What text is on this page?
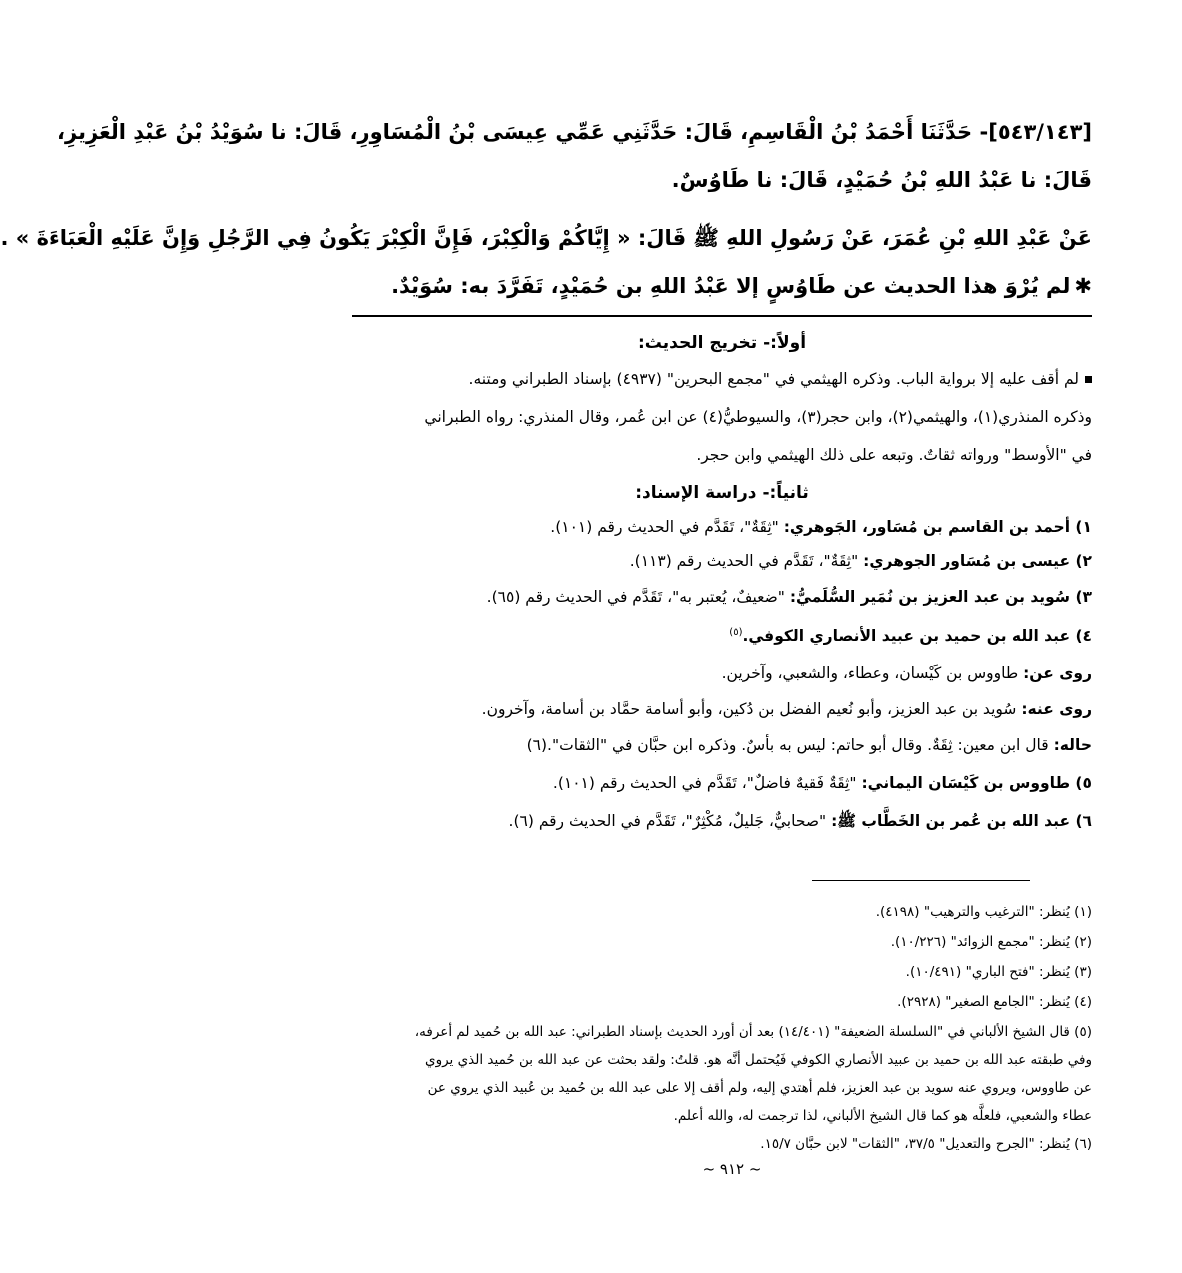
[٥٤٣/١٤٣]- حَدَّثَنَا أَحْمَدُ بْنُ الْقَاسِمِ، قَالَ: حَدَّثَنِي عَمِّي عِيسَى بْنُ الْمُسَاوِرِ، قَالَ: نا سُوَيْدُ بْنُ عَبْدِ الْعَزِيزِ،
قَالَ: نا عَبْدُ اللهِ بْنُ حُمَيْدٍ، قَالَ: نا طَاوُسٌ.
عَنْ عَبْدِ اللهِ بْنِ عُمَرَ، عَنْ رَسُولِ اللهِ ﷺ قَالَ: « إِيَّاكُمْ وَالْكِبْرَ، فَإِنَّ الْكِبْرَ يَكُونُ فِي الرَّجُلِ وَإِنَّ عَلَيْهِ الْعَبَاءَةَ » .
✱لم يُرْوَ هذا الحديث عن طَاوُسٍ إلا عَبْدُ اللهِ بن حُمَيْدٍ، تَفَرَّدَ به: سُوَيْدٌ.
أولاً:- تخريج الحديث:
لم أقف عليه إلا برواية الباب. وذكره الهيثمي في "مجمع البحرين" (٤٩٣٧) بإسناد الطبراني ومتنه.
وذكره المنذري(١)، والهيثمي(٢)، وابن حجر(٣)، والسيوطيُّ(٤) عن ابن عُمر، وقال المنذري: رواه الطبراني
في "الأوسط" ورواته ثقاتٌ. وتبعه على ذلك الهيثمي وابن حجر.
ثانياً:- دراسة الإسناد:
١) أحمد بن القاسم بن مُسَاور، الجَوهري: "ثِقَةٌ"، تَقَدَّم في الحديث رقم (١٠١).
٢) عيسى بن مُسَاور الجوهري: "ثِقَةٌ"، تَقَدَّم في الحديث رقم (١١٣).
٣) سُويد بن عبد العزيز بن نُمَير السُّلَميُّ: "ضعيفٌ، يُعتبر به"، تَقَدَّم في الحديث رقم (٦٥).
٤) عبد الله بن حميد بن عبيد الأنصاري الكوفي.$^{(٥)}$
روى عن: طاووس بن كَيْسان، وعطاء، والشعبي، وآخرين.
روى عنه: سُويد بن عبد العزيز، وأبو نُعيم الفضل بن دُكين، وأبو أسامة حمَّاد بن أسامة، وآخرون.
حاله: قال ابن معين: ثِقَةٌ. وقال أبو حاتم: ليس به بأسٌ. وذكره ابن حبَّان في "الثقات".(٦)
٥) طاووس بن كَيْسَان اليماني: "ثِقَةٌ فَقيهٌ فاضلٌ"، تَقَدَّم في الحديث رقم (١٠١).
٦) عبد الله بن عُمر بن الخَطَّاب ﷺ: "صحابيٌّ، جَليلٌ، مُكْثِرٌ"، تَقَدَّم في الحديث رقم (٦).
(١) يُنظر: "الترغيب والترهيب" (٤١٩٨).
(٢) يُنظر: "مجمع الزوائد" (١٠/٢٢٦).
(٣) يُنظر: "فتح الباري" (١٠/٤٩١).
(٤) يُنظر: "الجامع الصغير" (٢٩٢٨).
(٥) قال الشيخ الألباني في "السلسلة الضعيفة" (١٤/٤٠١) بعد أن أورد الحديث بإسناد الطبراني: عبد الله بن حُميد لم أعرفه،
وفي طبقته عبد الله بن حميد بن عبيد الأنصاري الكوفي فَيُحتمل أنَّه هو. قلتُ: ولقد بحثت عن عبد الله بن حُميد الذي يروي
عن طاووس، ويروي عنه سويد بن عبد العزيز، فلم أهتدي إليه، ولم أقف إلا على عبد الله بن حُميد بن عُبيد الذي يروي عن
عطاء والشعبي، فلعلَّه هو كما قال الشيخ الألباني، لذا ترجمت له، والله أعلم.
(٦) يُنظر: "الجرح والتعديل" ٣٧/٥، "الثقات" لابن حبَّان ١٥/٧.
~ ٩١٢ ~
